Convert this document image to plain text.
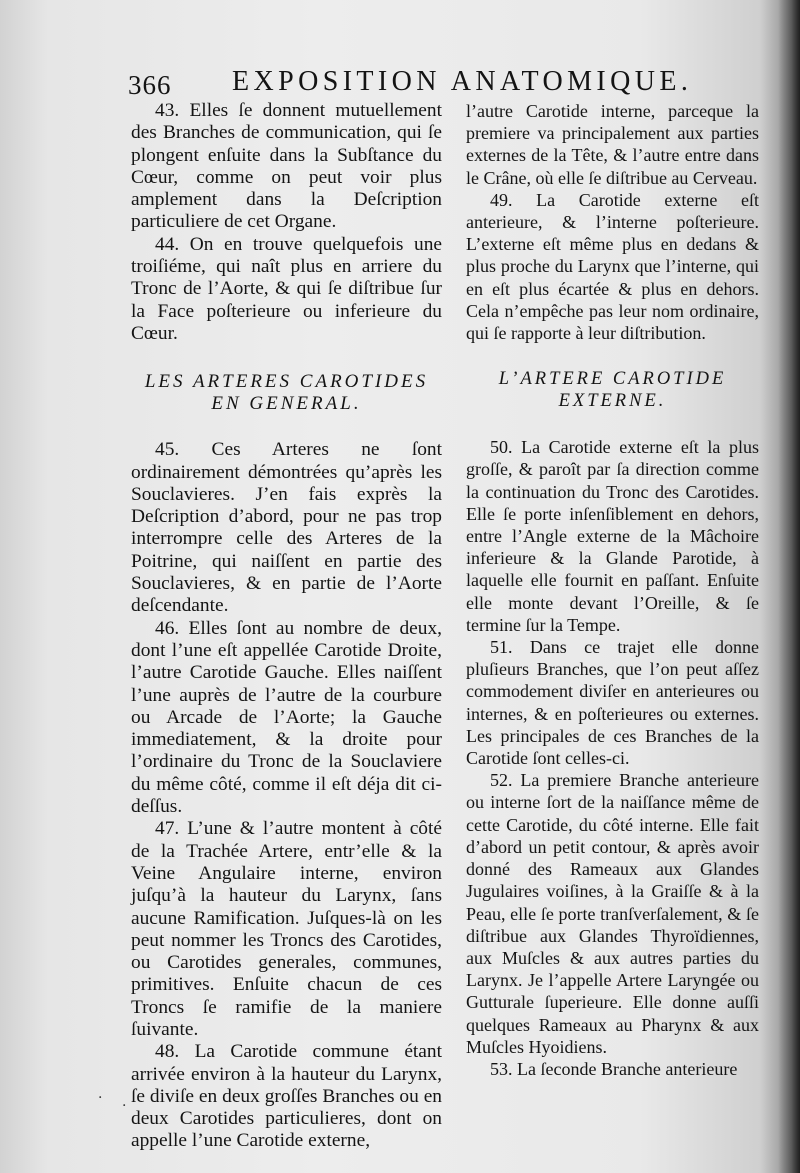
366 EXPOSITION ANATOMIQUE.

43. Elles ſe donnent mutuellement des Branches de communication, qui ſe plongent enſuite dans la Subſtance du Cœur, comme on peut voir plus amplement dans la Deſcription particuliere de cet Organe.

44. On en trouve quelquefois une troiſiéme, qui naît plus en arriere du Tronc de l’Aorte, & qui ſe diſtribue ſur la Face poſterieure ou inferieure du Cœur.

LES ARTERES CAROTIDES
EN GENERAL.

45. Ces Arteres ne ſont ordinairement démontrées qu’après les Souclavieres. J’en fais exprès la Deſcription d’abord, pour ne pas trop interrompre celle des Arteres de la Poitrine, qui naiſſent en partie des Souclavieres, & en partie de l’Aorte deſcendante.

46. Elles ſont au nombre de deux, dont l’une eſt appellée Carotide Droite, l’autre Carotide Gauche. Elles naiſſent l’une auprès de l’autre de la courbure ou Arcade de l’Aorte; la Gauche immediatement, & la droite pour l’ordinaire du Tronc de la Souclaviere du même côté, comme il eſt déja dit ci-deſſus.

47. L’une & l’autre montent à côté de la Trachée Artere, entr’elle & la Veine Angulaire interne, environ juſqu’à la hauteur du Larynx, ſans aucune Ramification. Juſques-là on les peut nommer les Troncs des Carotides, ou Carotides generales, communes, primitives. Enſuite chacun de ces Troncs ſe ramifie de la maniere ſuivante.

48. La Carotide commune étant arrivée environ à la hauteur du Larynx, ſe diviſe en deux groſſes Branches ou en deux Carotides particulieres, dont on appelle l’une Carotide externe,

l’autre Carotide interne, parceque la premiere va principalement aux parties externes de la Tête, & l’autre entre dans le Crâne, où elle ſe diſtribue au Cerveau.

49. La Carotide externe eſt anterieure, & l’interne poſterieure. L’externe eſt même plus en dedans & plus proche du Larynx que l’interne, qui en eſt plus écartée & plus en dehors. Cela n’empêche pas leur nom ordinaire, qui ſe rapporte à leur diſtribution.

L’ARTERE CAROTIDE
EXTERNE.

50. La Carotide externe eſt la plus groſſe, & paroît par ſa direction comme la continuation du Tronc des Carotides. Elle ſe porte inſenſiblement en dehors, entre l’Angle externe de la Mâchoire inferieure & la Glande Parotide, à laquelle elle fournit en paſſant. Enſuite elle monte devant l’Oreille, & ſe termine ſur la Tempe.

51. Dans ce trajet elle donne pluſieurs Branches, que l’on peut aſſez commodement diviſer en anterieures ou internes, & en poſterieures ou externes. Les principales de ces Branches de la Carotide ſont celles-ci.

52. La premiere Branche anterieure ou interne ſort de la naiſſance même de cette Carotide, du côté interne. Elle fait d’abord un petit contour, & après avoir donné des Rameaux aux Glandes Jugulaires voiſines, à la Graiſſe & à la Peau, elle ſe porte tranſverſalement, & ſe diſtribue aux Glandes Thyroïdiennes, aux Muſcles & aux autres parties du Larynx. Je l’appelle Artere Laryngée ou Gutturale ſuperieure. Elle donne auſſi quelques Rameaux au Pharynx & aux Muſcles Hyoidiens.

53. La ſeconde Branche anterieure

· ·
